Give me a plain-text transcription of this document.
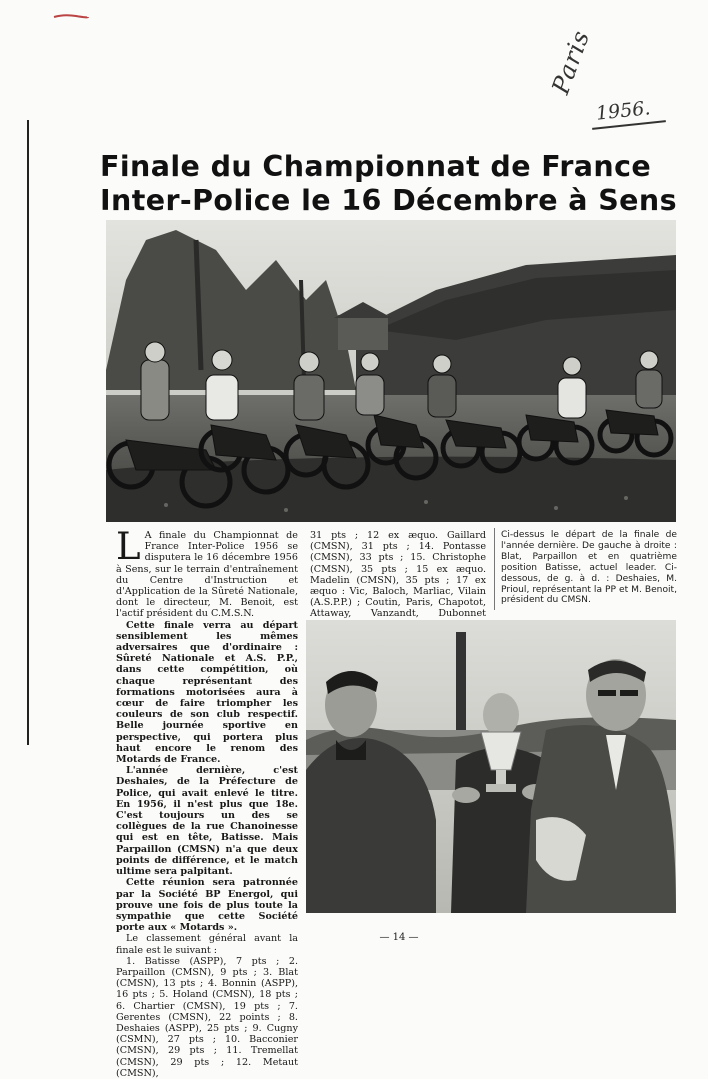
Paris
1956.
Finale du Championnat de France
Inter-Police le 16 Décembre à Sens

L A finale du Championnat de France Inter-Police 1956 se disputera le 16 décembre 1956 à Sens, sur le terrain d'entraînement du Centre d'Instruction et d'Application de la Sûreté Nationale, dont le directeur, M. Benoit, est l'actif président du C.M.S.N.

Cette finale verra au départ sensiblement les mêmes adversaires que d'ordinaire : Sûreté Nationale et A.S. P.P., dans cette compétition, où chaque représentant des formations motorisées aura à cœur de faire triompher les couleurs de son club respectif. Belle journée sportive en perspective, qui portera plus haut encore le renom des Motards de France.

L'année dernière, c'est Deshaies, de la Préfecture de Police, qui avait enlevé le titre. En 1956, il n'est plus que 18e. C'est toujours un des se collègues de la rue Chanoinesse qui est en tête, Batisse. Mais Parpaillon (CMSN) n'a que deux points de différence, et le match ultime sera palpitant.

Cette réunion sera patronnée par la Société BP Energol, qui prouve une fois de plus toute la sympathie que cette Société porte aux « Motards ».

Le classement général avant la finale est le suivant :

1. Batisse (ASPP), 7 pts ; 2. Parpaillon (CMSN), 9 pts ; 3. Blat (CMSN), 13 pts ; 4. Bonnin (ASPP), 16 pts ; 5. Holand (CMSN), 18 pts ; 6. Chartier (CMSN), 19 pts ; 7. Gerentes (CMSN), 22 points ; 8. Deshaies (ASPP), 25 pts ; 9. Cugny (CSMN), 27 pts ; 10. Bacconier (CMSN), 29 pts ; 11. Tremellat (CMSN), 29 pts ; 12. Metaut (CMSN),

31 pts ; 12 ex æquo. Gaillard (CMSN), 31 pts ; 14. Pontasse (CMSN), 33 pts ; 15. Christophe (CMSN), 35 pts ; 15 ex æquo. Madelin (CMSN), 35 pts ; 17 ex æquo : Vic, Baloch, Marliac, Vilain (A.S.P.P.) ; Coutin, Paris, Chapotot, Attaway, Vanzandt, Dubonnet

Ci-dessus le départ de la finale de l'année dernière. De gauche à droite : Blat, Parpaillon et en quatrième position Batisse, actuel leader. Ci-dessous, de g. à d. : Deshaies, M. Prioul, représentant la PP et M. Benoit, président du CMSN.

— 14 —
